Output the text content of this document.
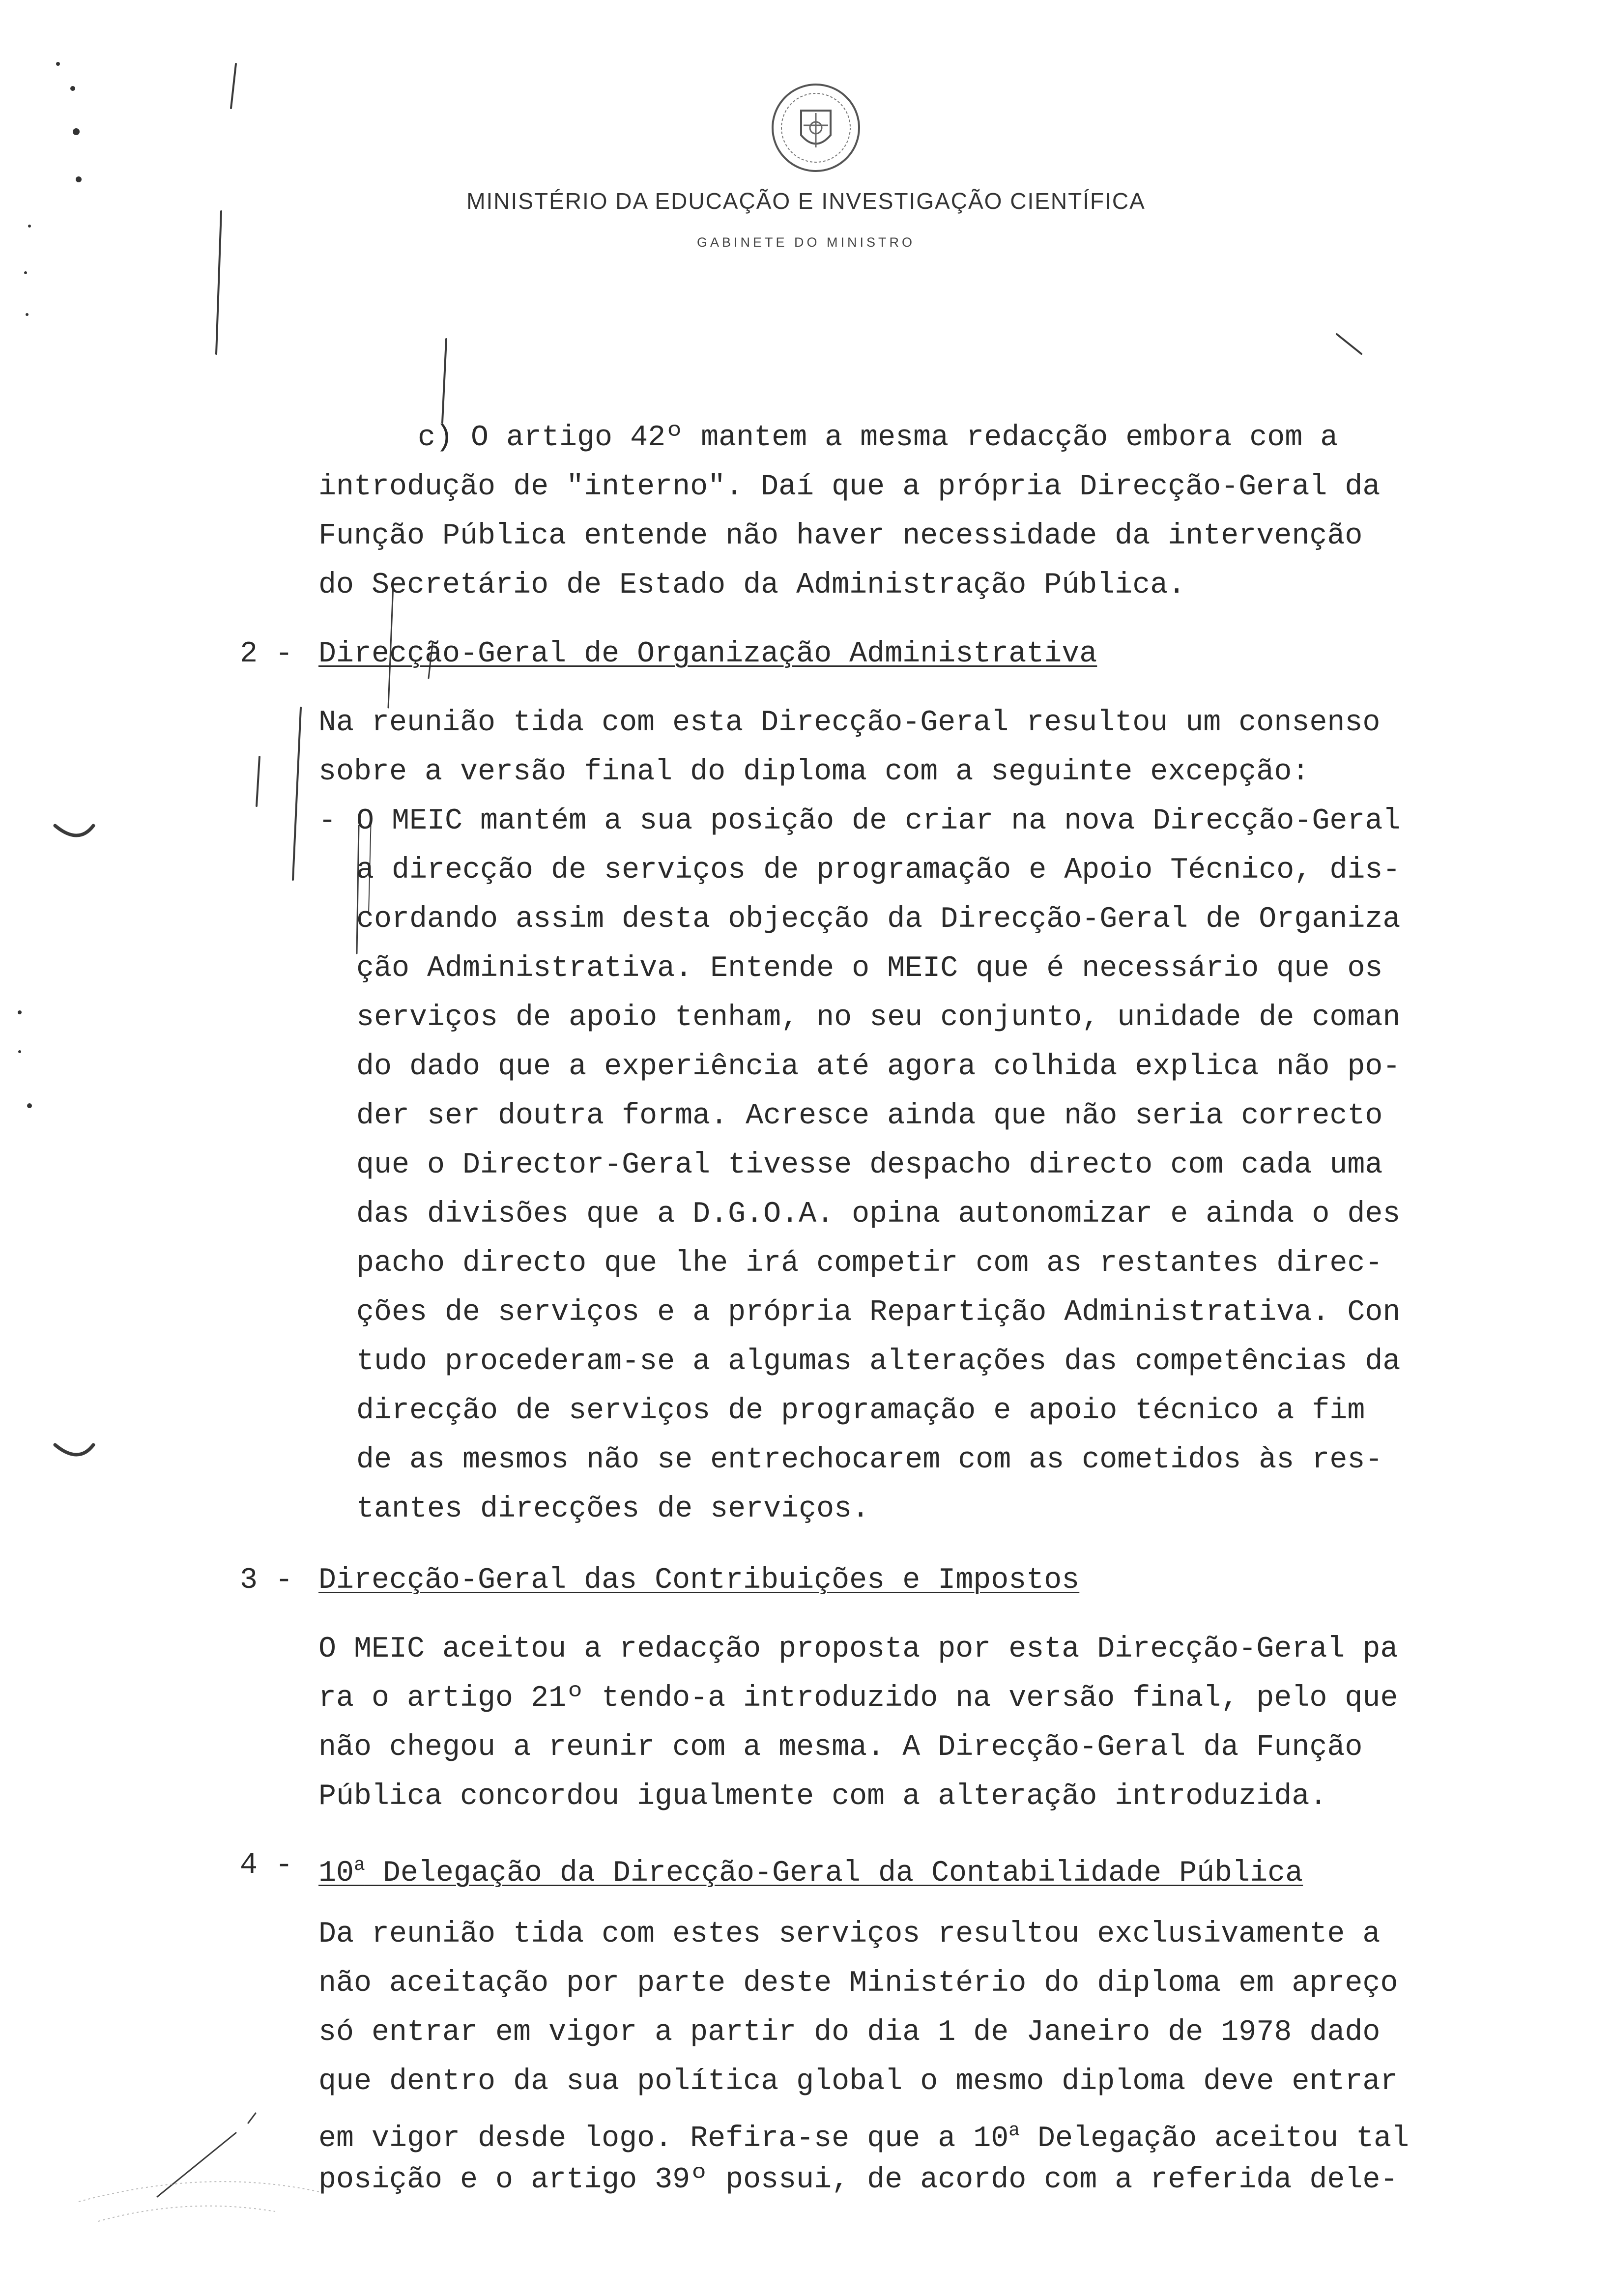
MINISTÉRIO DA EDUCAÇÃO E INVESTIGAÇÃO CIENTÍFICA
GABINETE DO MINISTRO
c) O artigo 42º mantem a mesma redacção embora com a
introdução de "interno". Daí que a própria Direcção-Geral da
Função Pública entende não haver necessidade da intervenção
do Secretário de Estado da Administração Pública.
2 - Direcção-Geral de Organização Administrativa
Na reunião tida com esta Direcção-Geral resultou um consenso
sobre a versão final do diploma com a seguinte excepção:
- O MEIC mantém a sua posição de criar na nova Direcção-Geral
a direcção de serviços de programação e Apoio Técnico, dis-
cordando assim desta objecção da Direcção-Geral de Organiza
ção Administrativa. Entende o MEIC que é necessário que os
serviços de apoio tenham, no seu conjunto, unidade de coman
do dado que a experiência até agora colhida explica não po-
der ser doutra forma. Acresce ainda que não seria correcto
que o Director-Geral tivesse despacho directo com cada uma
das divisões que a D.G.O.A. opina autonomizar e ainda o des
pacho directo que lhe irá competir com as restantes direc-
ções de serviços e a própria Repartição Administrativa. Con
tudo procederam-se a algumas alterações das competências da
direcção de serviços de programação e apoio técnico a fim
de as mesmos não se entrechocarem com as cometidos às res-
tantes direcções de serviços.
3 - Direcção-Geral das Contribuições e Impostos
O MEIC aceitou a redacção proposta por esta Direcção-Geral pa
ra o artigo 21º tendo-a introduzido na versão final, pelo que
não chegou a reunir com a mesma. A Direcção-Geral da Função
Pública concordou igualmente com a alteração introduzida.
4 - 10$^a$ Delegação da Direcção-Geral da Contabilidade Pública
Da reunião tida com estes serviços resultou exclusivamente a
não aceitação por parte deste Ministério do diploma em apreço
só entrar em vigor a partir do dia 1 de Janeiro de 1978 dado
que dentro da sua política global o mesmo diploma deve entrar
em vigor desde logo. Refira-se que a 10$^a$ Delegação aceitou tal
posição e o artigo 39º possui, de acordo com a referida dele-
